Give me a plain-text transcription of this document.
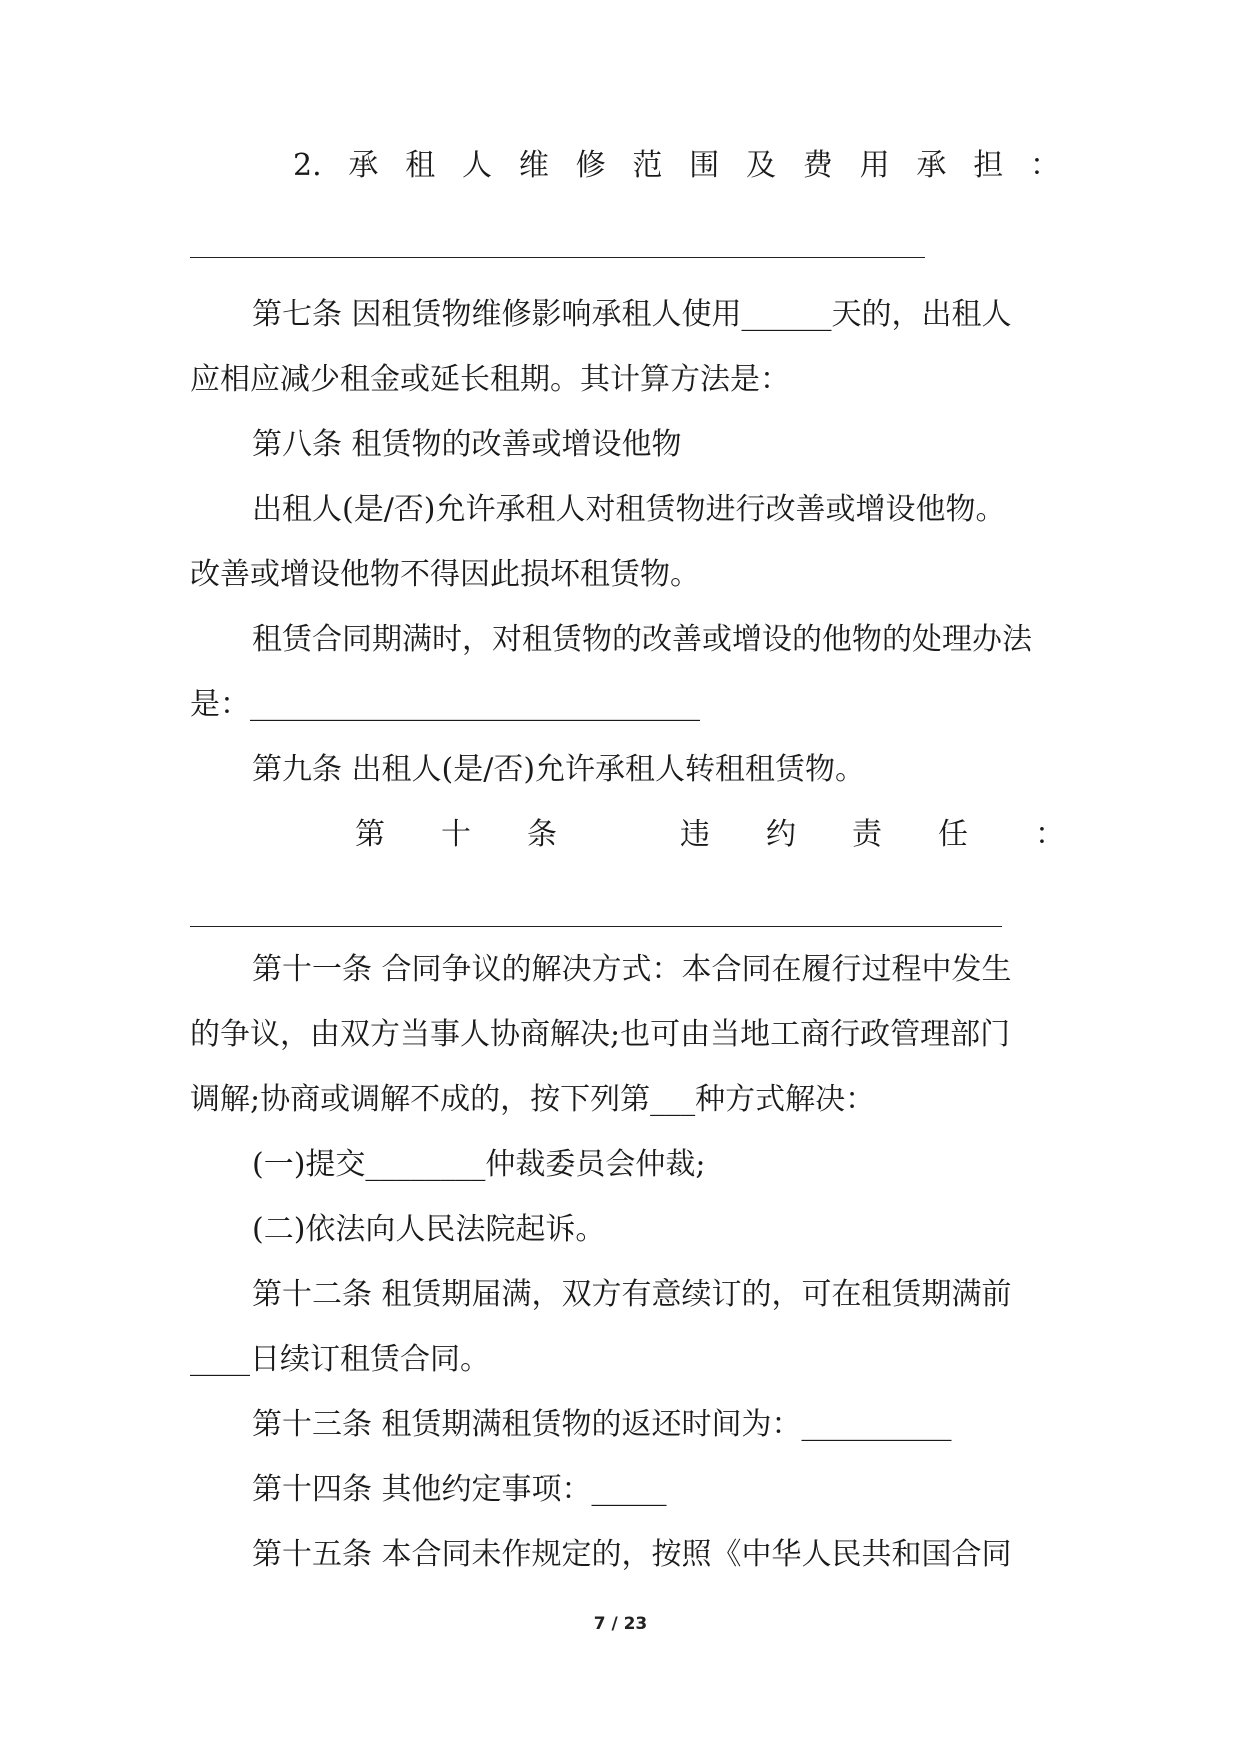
2. 承 租 人 维 修 范 围 及 费 用 承 担 ：
第七条 因租赁物维修影响承租人使用______天的，出租人
应相应减少租金或延长租期。其计算方法是：
第八条 租赁物的改善或增设他物
出租人(是/否)允许承租人对租赁物进行改善或增设他物。
改善或增设他物不得因此损坏租赁物。
租赁合同期满时，对租赁物的改善或增设的他物的处理办法
是：______________________________
第九条 出租人(是/否)允许承租人转租租赁物。
第 十 条	违 约 责 任 ：
第十一条 合同争议的解决方式：本合同在履行过程中发生
的争议，由双方当事人协商解决;也可由当地工商行政管理部门
调解;协商或调解不成的，按下列第___种方式解决：
(一)提交________仲裁委员会仲裁;
(二)依法向人民法院起诉。
第十二条 租赁期届满，双方有意续订的，可在租赁期满前
____日续订租赁合同。
第十三条 租赁期满租赁物的返还时间为：__________
第十四条 其他约定事项：_____
第十五条 本合同未作规定的，按照《中华人民共和国合同
7 / 23
